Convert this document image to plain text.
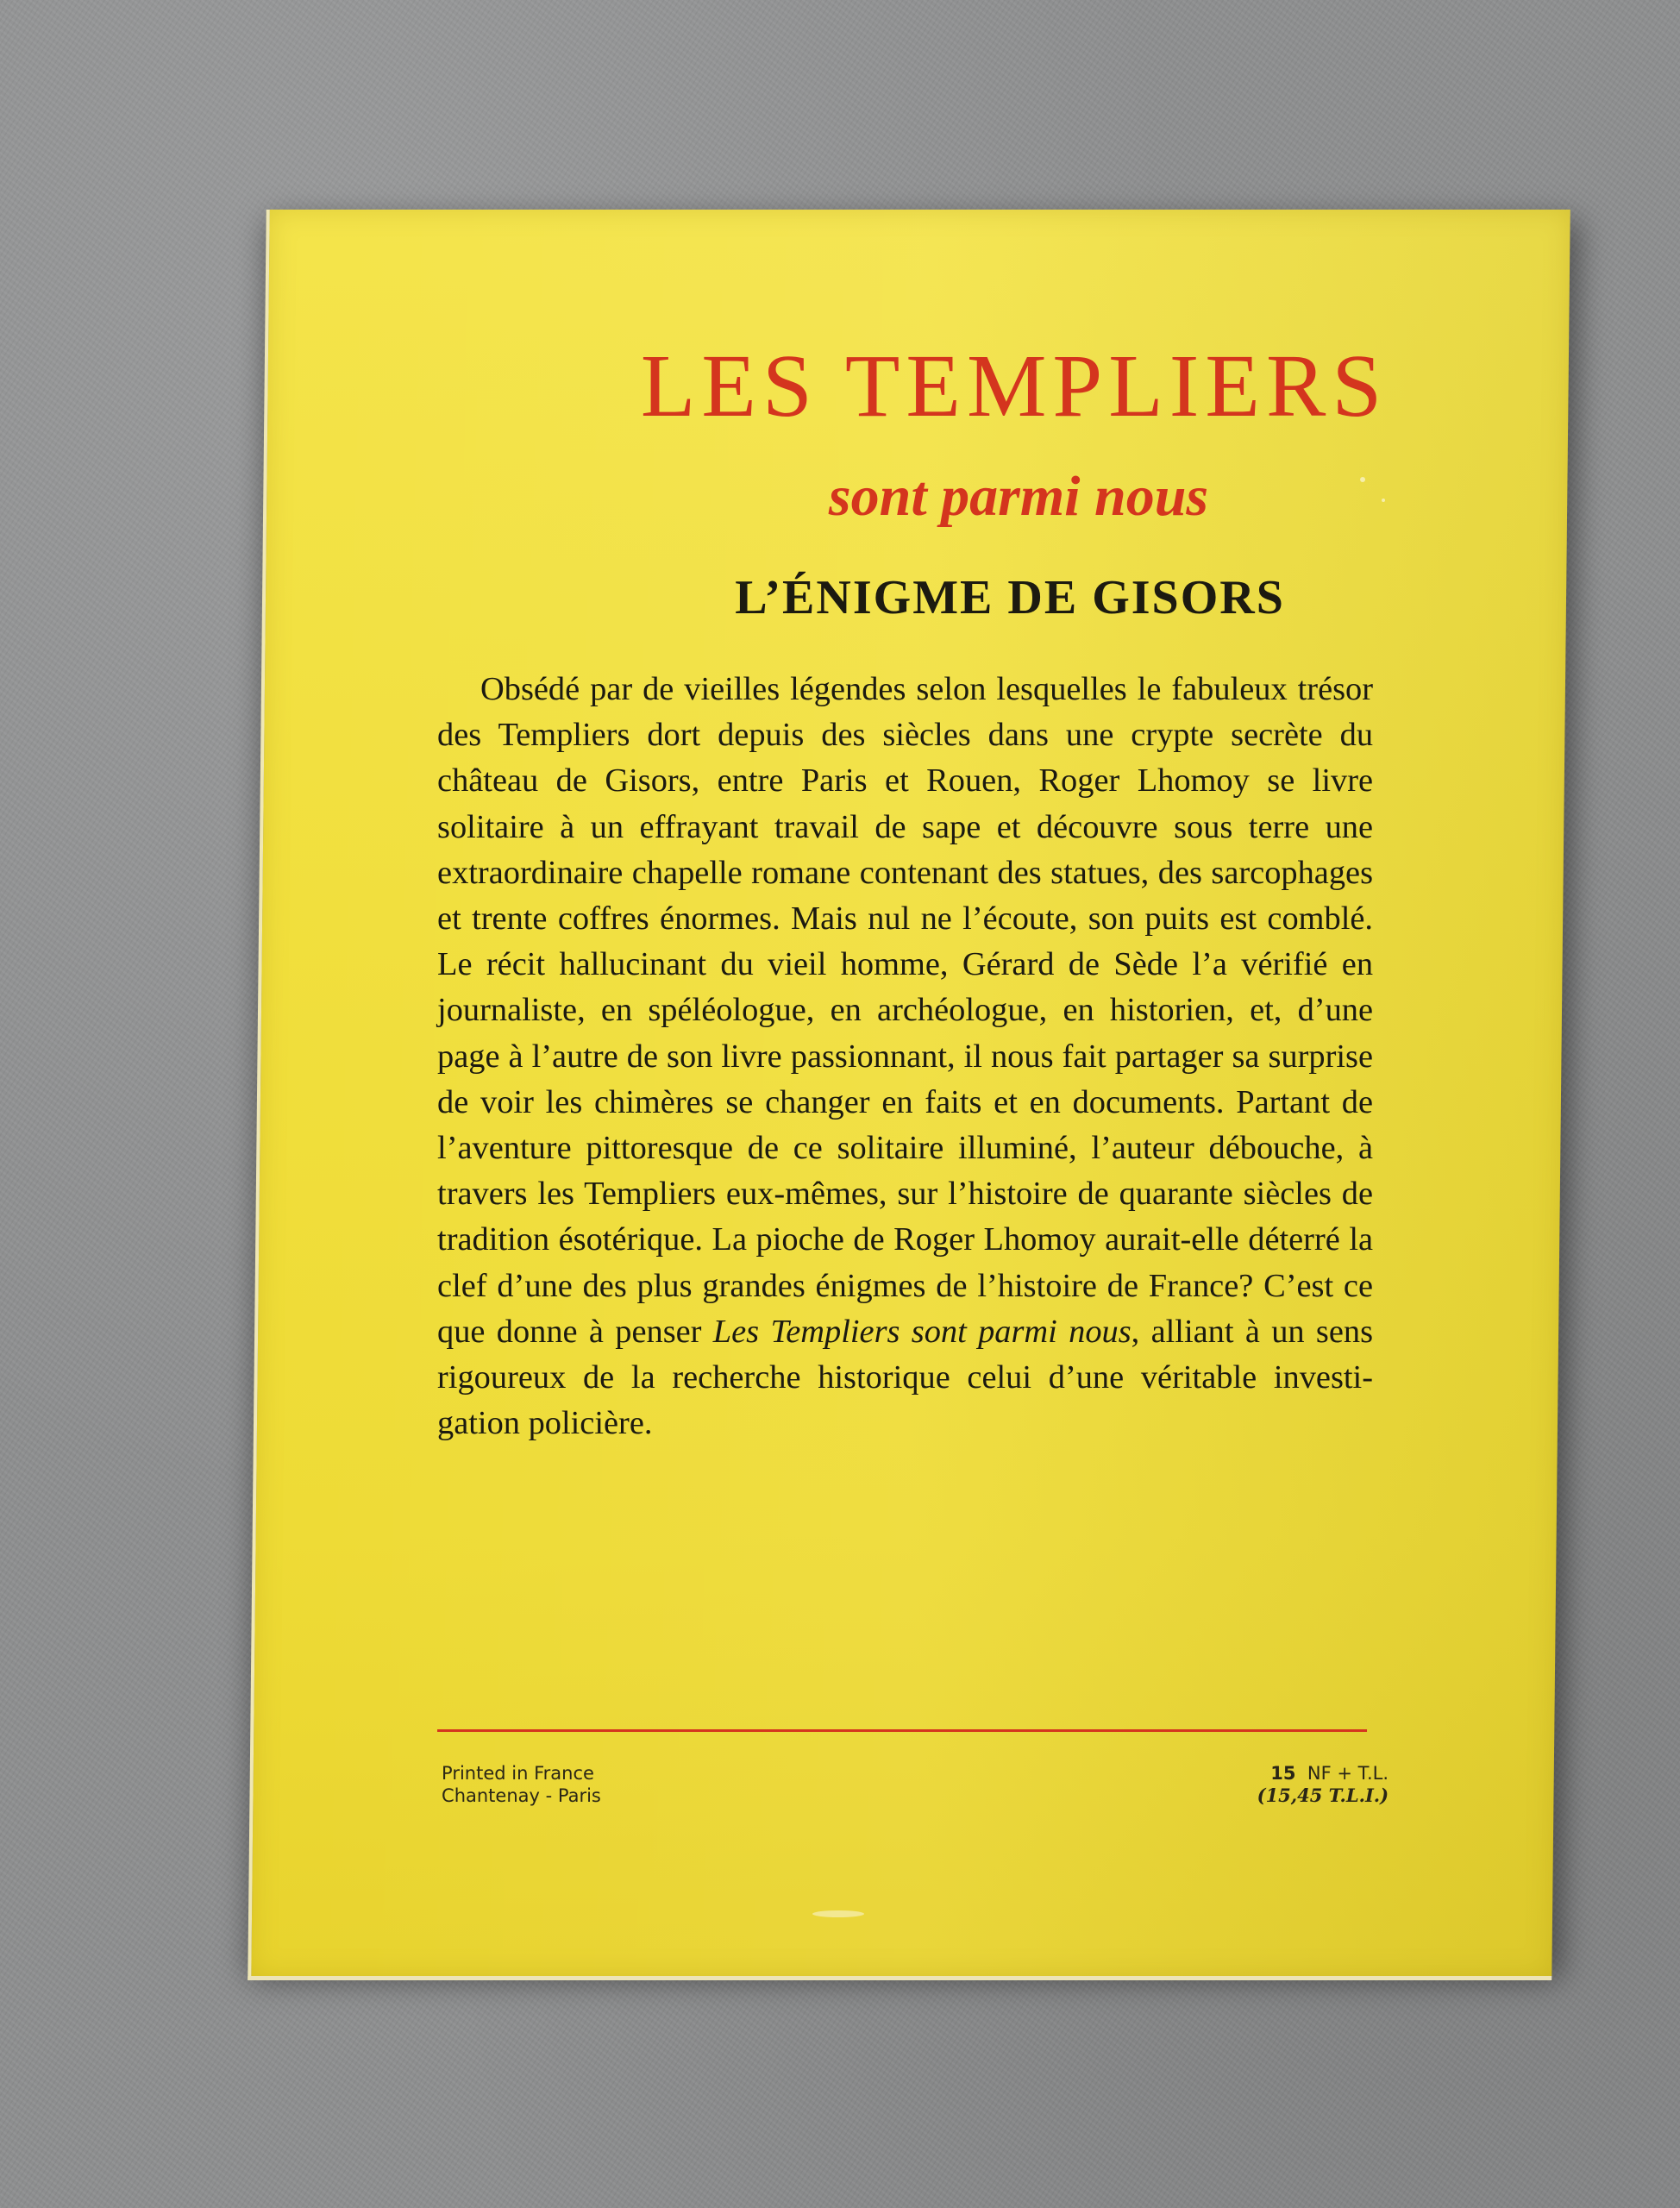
LES TEMPLIERS
sont parmi nous
L’ÉNIGME DE GISORS

Obsédé par de vieilles légendes selon lesquelles le fabuleux trésor des Templiers dort depuis des siècles dans une crypte secrète du château de Gisors, entre Paris et Rouen, Roger Lhomoy se livre solitaire à un effrayant travail de sape et découvre sous terre une extraordinaire chapelle romane contenant des statues, des sarcophages et trente coffres énormes. Mais nul ne l’écoute, son puits est comblé. Le récit hallucinant du vieil homme, Gérard de Sède l’a vérifié en journaliste, en spéléologue, en archéologue, en historien, et, d’une page à l’autre de son livre passionnant, il nous fait partager sa surprise de voir les chimères se changer en faits et en documents. Partant de l’aventure pittoresque de ce solitaire illuminé, l’auteur débouche, à travers les Templiers eux-mêmes, sur l’histoire de quarante siècles de tradition ésotérique. La pioche de Roger Lhomoy aurait-elle déterré la clef d’une des plus grandes énigmes de l’histoire de France? C’est ce que donne à penser Les Templiers sont parmi nous, alliant à un sens rigoureux de la recherche historique celui d’une véritable investigation policière.

Printed in France
Chantenay - Paris
15 NF + T.L.
(15,45 T.L.I.)
